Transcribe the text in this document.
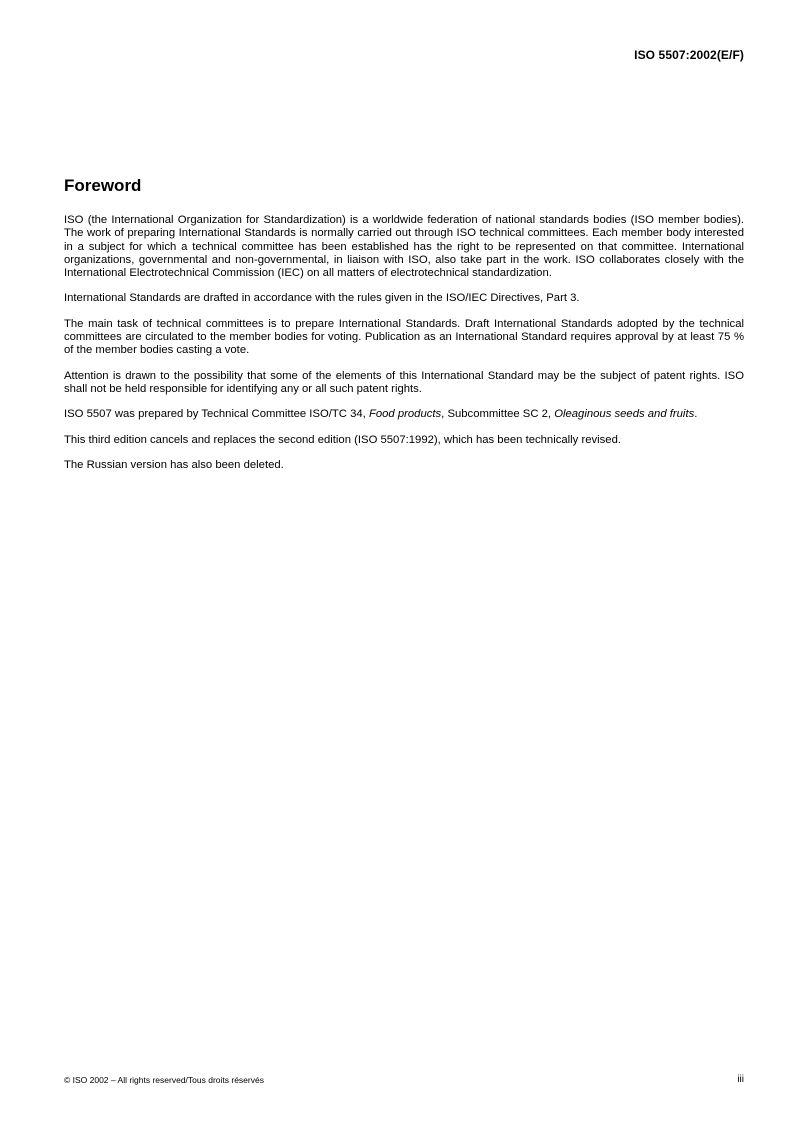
ISO 5507:2002(E/F)
Foreword

ISO (the International Organization for Standardization) is a worldwide federation of national standards bodies (ISO member bodies). The work of preparing International Standards is normally carried out through ISO technical committees. Each member body interested in a subject for which a technical committee has been established has the right to be represented on that committee. International organizations, governmental and non-governmental, in liaison with ISO, also take part in the work. ISO collaborates closely with the International Electrotechnical Commission (IEC) on all matters of electrotechnical standardization.

International Standards are drafted in accordance with the rules given in the ISO/IEC Directives, Part 3.

The main task of technical committees is to prepare International Standards. Draft International Standards adopted by the technical committees are circulated to the member bodies for voting. Publication as an International Standard requires approval by at least 75 % of the member bodies casting a vote.

Attention is drawn to the possibility that some of the elements of this International Standard may be the subject of patent rights. ISO shall not be held responsible for identifying any or all such patent rights.

ISO 5507 was prepared by Technical Committee ISO/TC 34, Food products, Subcommittee SC 2, Oleaginous seeds and fruits.

This third edition cancels and replaces the second edition (ISO 5507:1992), which has been technically revised.

The Russian version has also been deleted.

© ISO 2002 – All rights reserved/Tous droits réservés	iii
